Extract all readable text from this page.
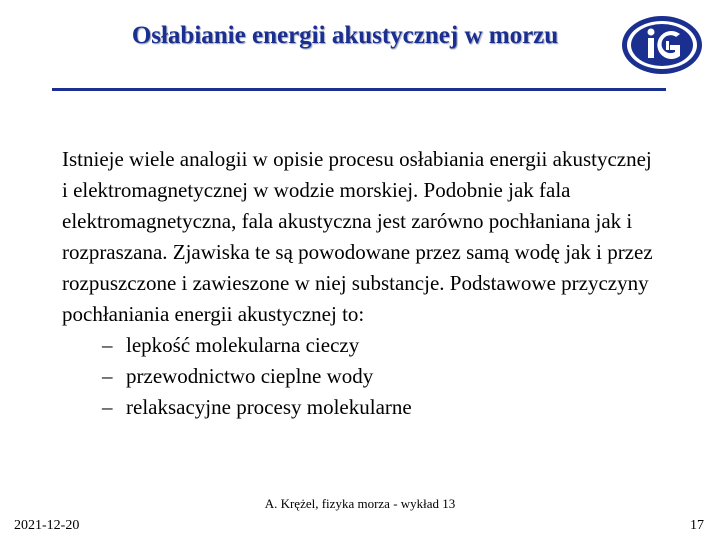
Osłabianie energii akustycznej w morzu
Istnieje wiele analogii w opisie procesu osłabiania energii akustycznej i elektromagnetycznej w wodzie morskiej. Podobnie jak fala elektromagnetyczna, fala akustyczna jest zarówno pochłaniana jak i rozpraszana. Zjawiska te są powodowane przez samą wodę jak i przez rozpuszczone i zawieszone w niej substancje. Podstawowe przyczyny pochłaniania energii akustycznej to:
– lepkość molekularna cieczy
– przewodnictwo cieplne wody
– relaksacyjne procesy molekularne
A. Krężel, fizyka morza - wykład 13
2021-12-20	17
